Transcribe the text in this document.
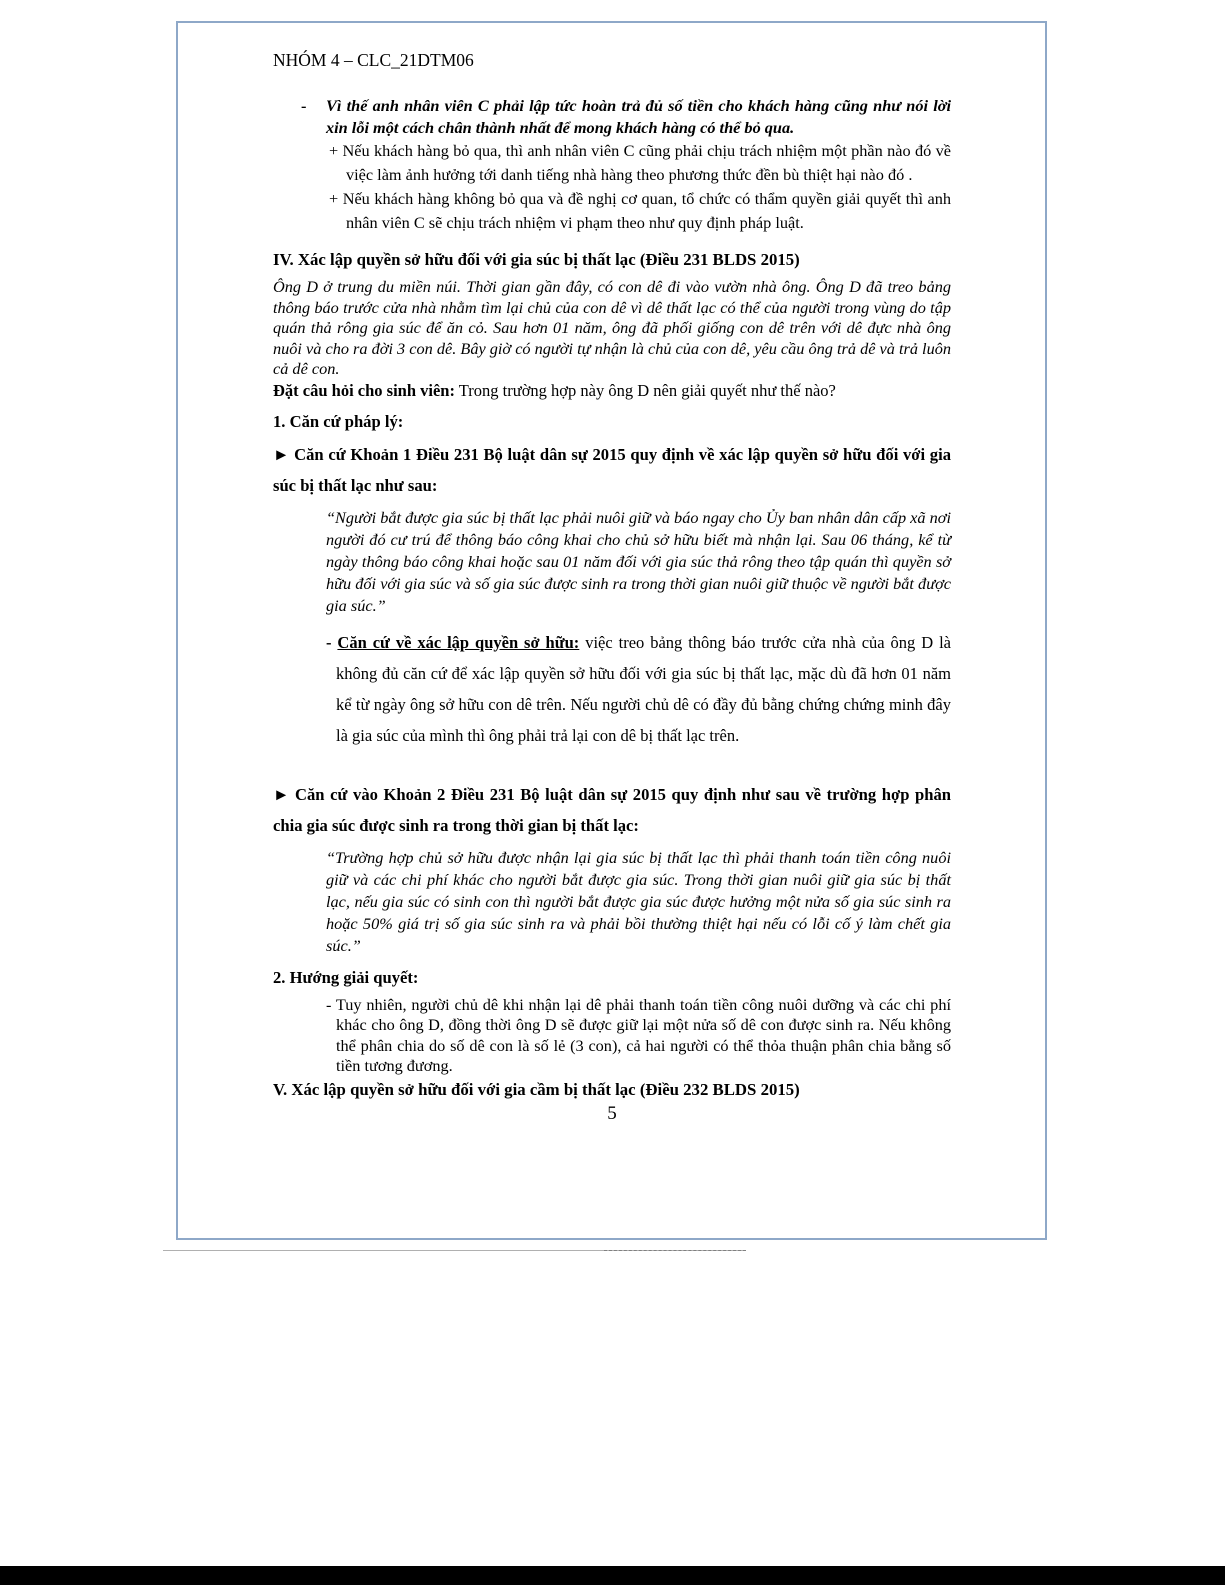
NHÓM 4 – CLC_21DTM06

- Vì thế anh nhân viên C phải lập tức hoàn trả đủ số tiền cho khách hàng cũng như nói lời xin lỗi một cách chân thành nhất để mong khách hàng có thể bỏ qua.

+ Nếu khách hàng bỏ qua, thì anh nhân viên C cũng phải chịu trách nhiệm một phần nào đó về việc làm ảnh hưởng tới danh tiếng nhà hàng theo phương thức đền bù thiệt hại nào đó .

+ Nếu khách hàng không bỏ qua và đề nghị cơ quan, tổ chức có thẩm quyền giải quyết thì anh nhân viên C sẽ chịu trách nhiệm vi phạm theo như quy định pháp luật.

IV. Xác lập quyền sở hữu đối với gia súc bị thất lạc (Điều 231 BLDS 2015)

Ông D ở trung du miền núi. Thời gian gần đây, có con dê đi vào vườn nhà ông. Ông D đã treo bảng thông báo trước cửa nhà nhằm tìm lại chủ của con dê vì dê thất lạc có thể của người trong vùng do tập quán thả rông gia súc để ăn cỏ. Sau hơn 01 năm, ông đã phối giống con dê trên với dê đực nhà ông nuôi và cho ra đời 3 con dê. Bây giờ có người tự nhận là chủ của con dê, yêu cầu ông trả dê và trả luôn cả dê con.

Đặt câu hỏi cho sinh viên: Trong trường hợp này ông D nên giải quyết như thế nào?

1. Căn cứ pháp lý:

► Căn cứ Khoản 1 Điều 231 Bộ luật dân sự 2015 quy định về xác lập quyền sở hữu đối với gia súc bị thất lạc như sau:

“Người bắt được gia súc bị thất lạc phải nuôi giữ và báo ngay cho Ủy ban nhân dân cấp xã nơi người đó cư trú để thông báo công khai cho chủ sở hữu biết mà nhận lại. Sau 06 tháng, kể từ ngày thông báo công khai hoặc sau 01 năm đối với gia súc thả rông theo tập quán thì quyền sở hữu đối với gia súc và số gia súc được sinh ra trong thời gian nuôi giữ thuộc về người bắt được gia súc.”

- Căn cứ về xác lập quyền sở hữu: việc treo bảng thông báo trước cửa nhà của ông D là không đủ căn cứ để xác lập quyền sở hữu đối với gia súc bị thất lạc, mặc dù đã hơn 01 năm kể từ ngày ông sở hữu con dê trên. Nếu người chủ dê có đầy đủ bằng chứng chứng minh đây là gia súc của mình thì ông phải trả lại con dê bị thất lạc trên.

► Căn cứ vào Khoản 2 Điều 231 Bộ luật dân sự 2015 quy định như sau về trường hợp phân chia gia súc được sinh ra trong thời gian bị thất lạc:

“Trường hợp chủ sở hữu được nhận lại gia súc bị thất lạc thì phải thanh toán tiền công nuôi giữ và các chi phí khác cho người bắt được gia súc. Trong thời gian nuôi giữ gia súc bị thất lạc, nếu gia súc có sinh con thì người bắt được gia súc được hưởng một nửa số gia súc sinh ra hoặc 50% giá trị số gia súc sinh ra và phải bồi thường thiệt hại nếu có lỗi cố ý làm chết gia súc.”

2. Hướng giải quyết:

- Tuy nhiên, người chủ dê khi nhận lại dê phải thanh toán tiền công nuôi dưỡng và các chi phí khác cho ông D, đồng thời ông D sẽ được giữ lại một nửa số dê con được sinh ra. Nếu không thể phân chia do số dê con là số lẻ (3 con), cả hai người có thể thỏa thuận phân chia bằng số tiền tương đương.

V. Xác lập quyền sở hữu đối với gia cầm bị thất lạc (Điều 232 BLDS 2015)

5
